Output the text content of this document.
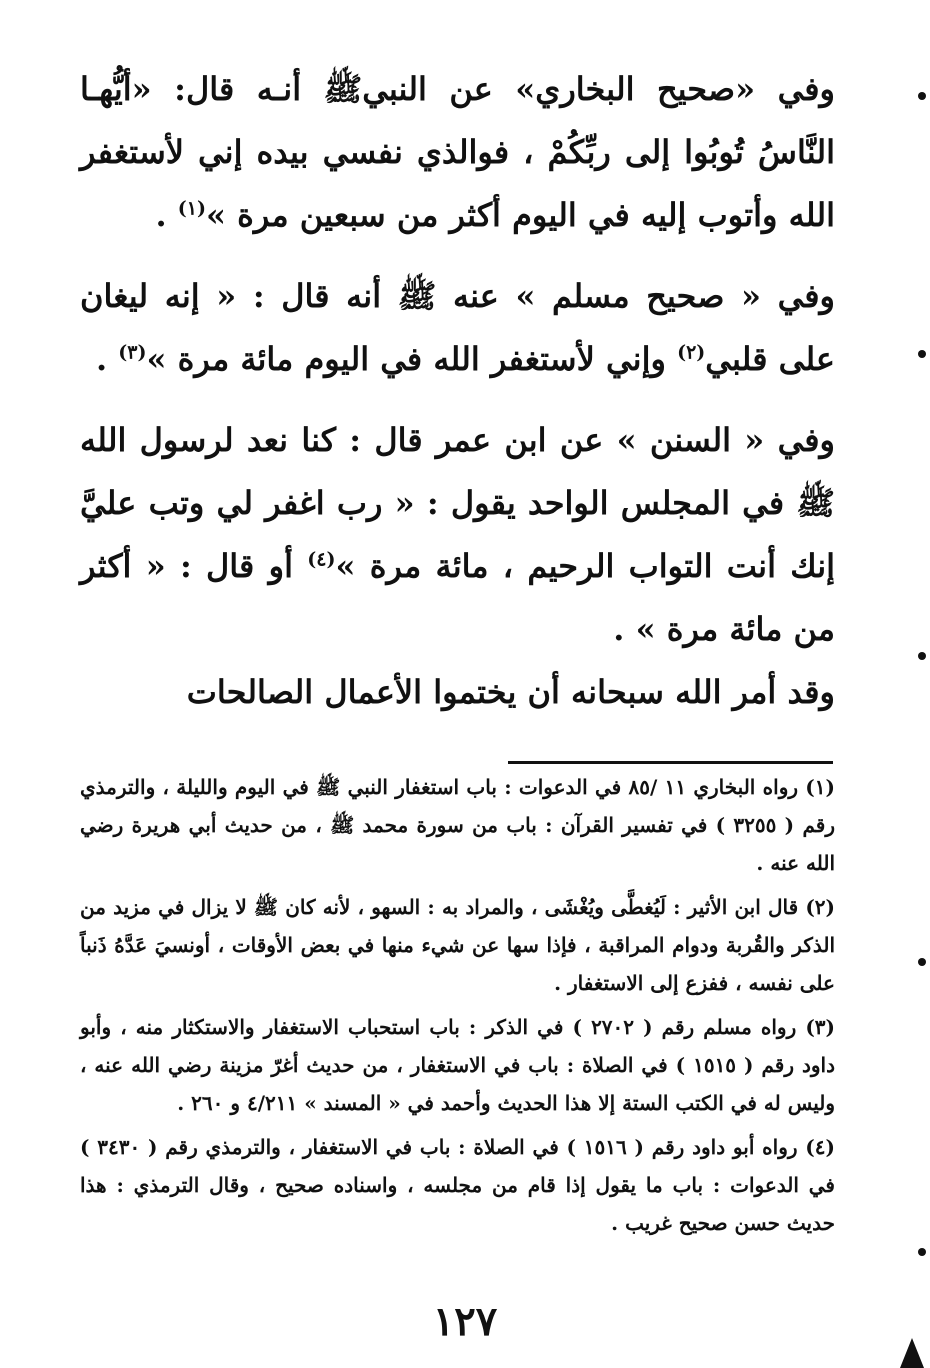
وفي «صحيح البخاري» عن النبيﷺ أنـه قال: «أيُّهـا النَّاسُ تُوبُوا إلى ربِّكُمْ ، فوالذي نفسي بيده إني لأستغفر الله وأتوب إليه في اليوم أكثر من سبعين مرة »$^{(١)}$ .

وفي « صحيح مسلم » عنه ﷺ أنه قال : « إنه ليغان على قلبي$^{(٢)}$ وإني لأستغفر الله في اليوم مائة مرة »$^{(٣)}$ .

وفي « السنن » عن ابن عمر قال : كنا نعد لرسول الله ﷺ في المجلس الواحد يقول : « رب اغفر لي وتب عليَّ إنك أنت التواب الرحيم ، مائة مرة »$^{(٤)}$ أو قال : « أكثر من مائة مرة » .

وقد أمر الله سبحانه أن يختموا الأعمال الصالحات

(١) رواه البخاري ١١ /٨٥ في الدعوات : باب استغفار النبي ﷺ في اليوم والليلة ، والترمذي رقم ( ٣٢٥٥ ) في تفسير القرآن : باب من سورة محمد ﷺ ، من حديث أبي هريرة رضي الله عنه .

(٢) قال ابن الأثير : لَيُغطَّى ويُغْشَى ، والمراد به : السهو ، لأنه كان ﷺ لا يزال في مزيد من الذكر والقُربة ودوام المراقبة ، فإذا سها عن شيء منها في بعض الأوقات ، أونسيَ عَدَّهُ ذَنباً على نفسه ، ففزع إلى الاستغفار .

(٣) رواه مسلم رقم ( ٢٧٠٢ ) في الذكر : باب استحباب الاستغفار والاستكثار منه ، وأبو داود رقم ( ١٥١٥ ) في الصلاة : باب في الاستغفار ، من حديث أغرّ مزينة رضي الله عنه ، وليس له في الكتب الستة إلا هذا الحديث وأحمد في « المسند » ٤/٢١١ و ٢٦٠ .

(٤) رواه أبو داود رقم ( ١٥١٦ ) في الصلاة : باب في الاستغفار ، والترمذي رقم ( ٣٤٣٠ ) في الدعوات : باب ما يقول إذا قام من مجلسه ، واسناده صحيح ، وقال الترمذي : هذا حديث حسن صحيح غريب .

١٢٧
